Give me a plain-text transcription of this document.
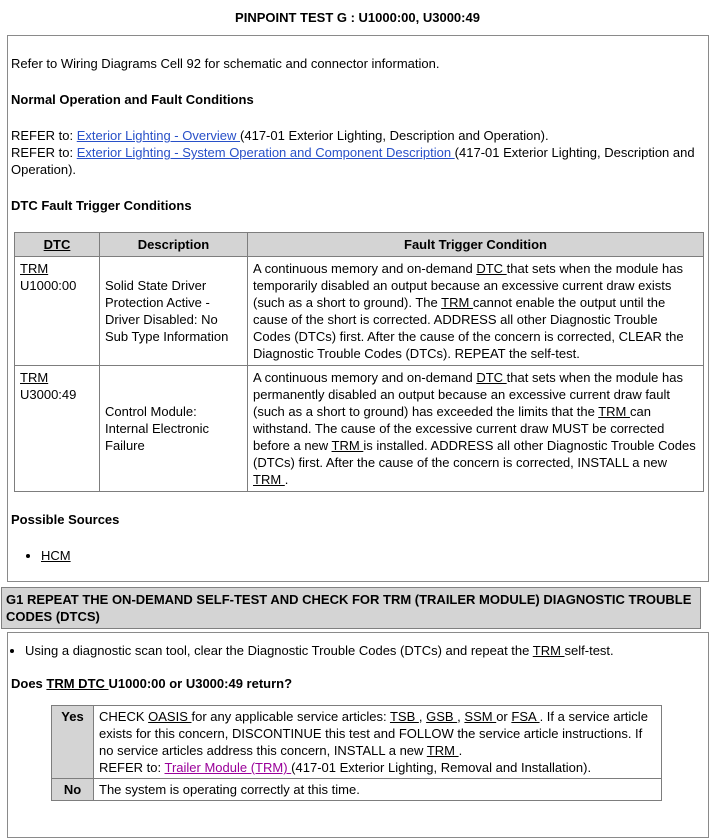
PINPOINT TEST G : U1000:00, U3000:49

Refer to Wiring Diagrams Cell 92 for schematic and connector information.

Normal Operation and Fault Conditions

REFER to: Exterior Lighting - Overview (417-01 Exterior Lighting, Description and Operation).
REFER to: Exterior Lighting - System Operation and Component Description (417-01 Exterior Lighting, Description and Operation).

DTC Fault Trigger Conditions

DTC	Description	Fault Trigger Condition
TRM
U1000:00	Solid State Driver Protection Active - Driver Disabled: No Sub Type Information	A continuous memory and on-demand DTC that sets when the module has temporarily disabled an output because an excessive current draw exists (such as a short to ground). The TRM cannot enable the output until the cause of the short is corrected. ADDRESS all other Diagnostic Trouble Codes (DTCs) first. After the cause of the concern is corrected, CLEAR the Diagnostic Trouble Codes (DTCs). REPEAT the self-test.
TRM
U3000:49	Control Module: Internal Electronic Failure	A continuous memory and on-demand DTC that sets when the module has permanently disabled an output because an excessive current draw fault (such as a short to ground) has exceeded the limits that the TRM can withstand. The cause of the excessive current draw MUST be corrected before a new TRM is installed. ADDRESS all other Diagnostic Trouble Codes (DTCs) first. After the cause of the concern is corrected, INSTALL a new TRM .

Possible Sources

• HCM
G1 REPEAT THE ON-DEMAND SELF-TEST AND CHECK FOR TRM (TRAILER MODULE) DIAGNOSTIC TROUBLE CODES (DTCS)
• Using a diagnostic scan tool, clear the Diagnostic Trouble Codes (DTCs) and repeat the TRM self-test.

Does TRM DTC U1000:00 or U3000:49 return?

Yes	CHECK OASIS for any applicable service articles: TSB , GSB , SSM or FSA . If a service article exists for this concern, DISCONTINUE this test and FOLLOW the service article instructions. If no service articles address this concern, INSTALL a new TRM .
REFER to: Trailer Module (TRM) (417-01 Exterior Lighting, Removal and Installation).
No	The system is operating correctly at this time.
